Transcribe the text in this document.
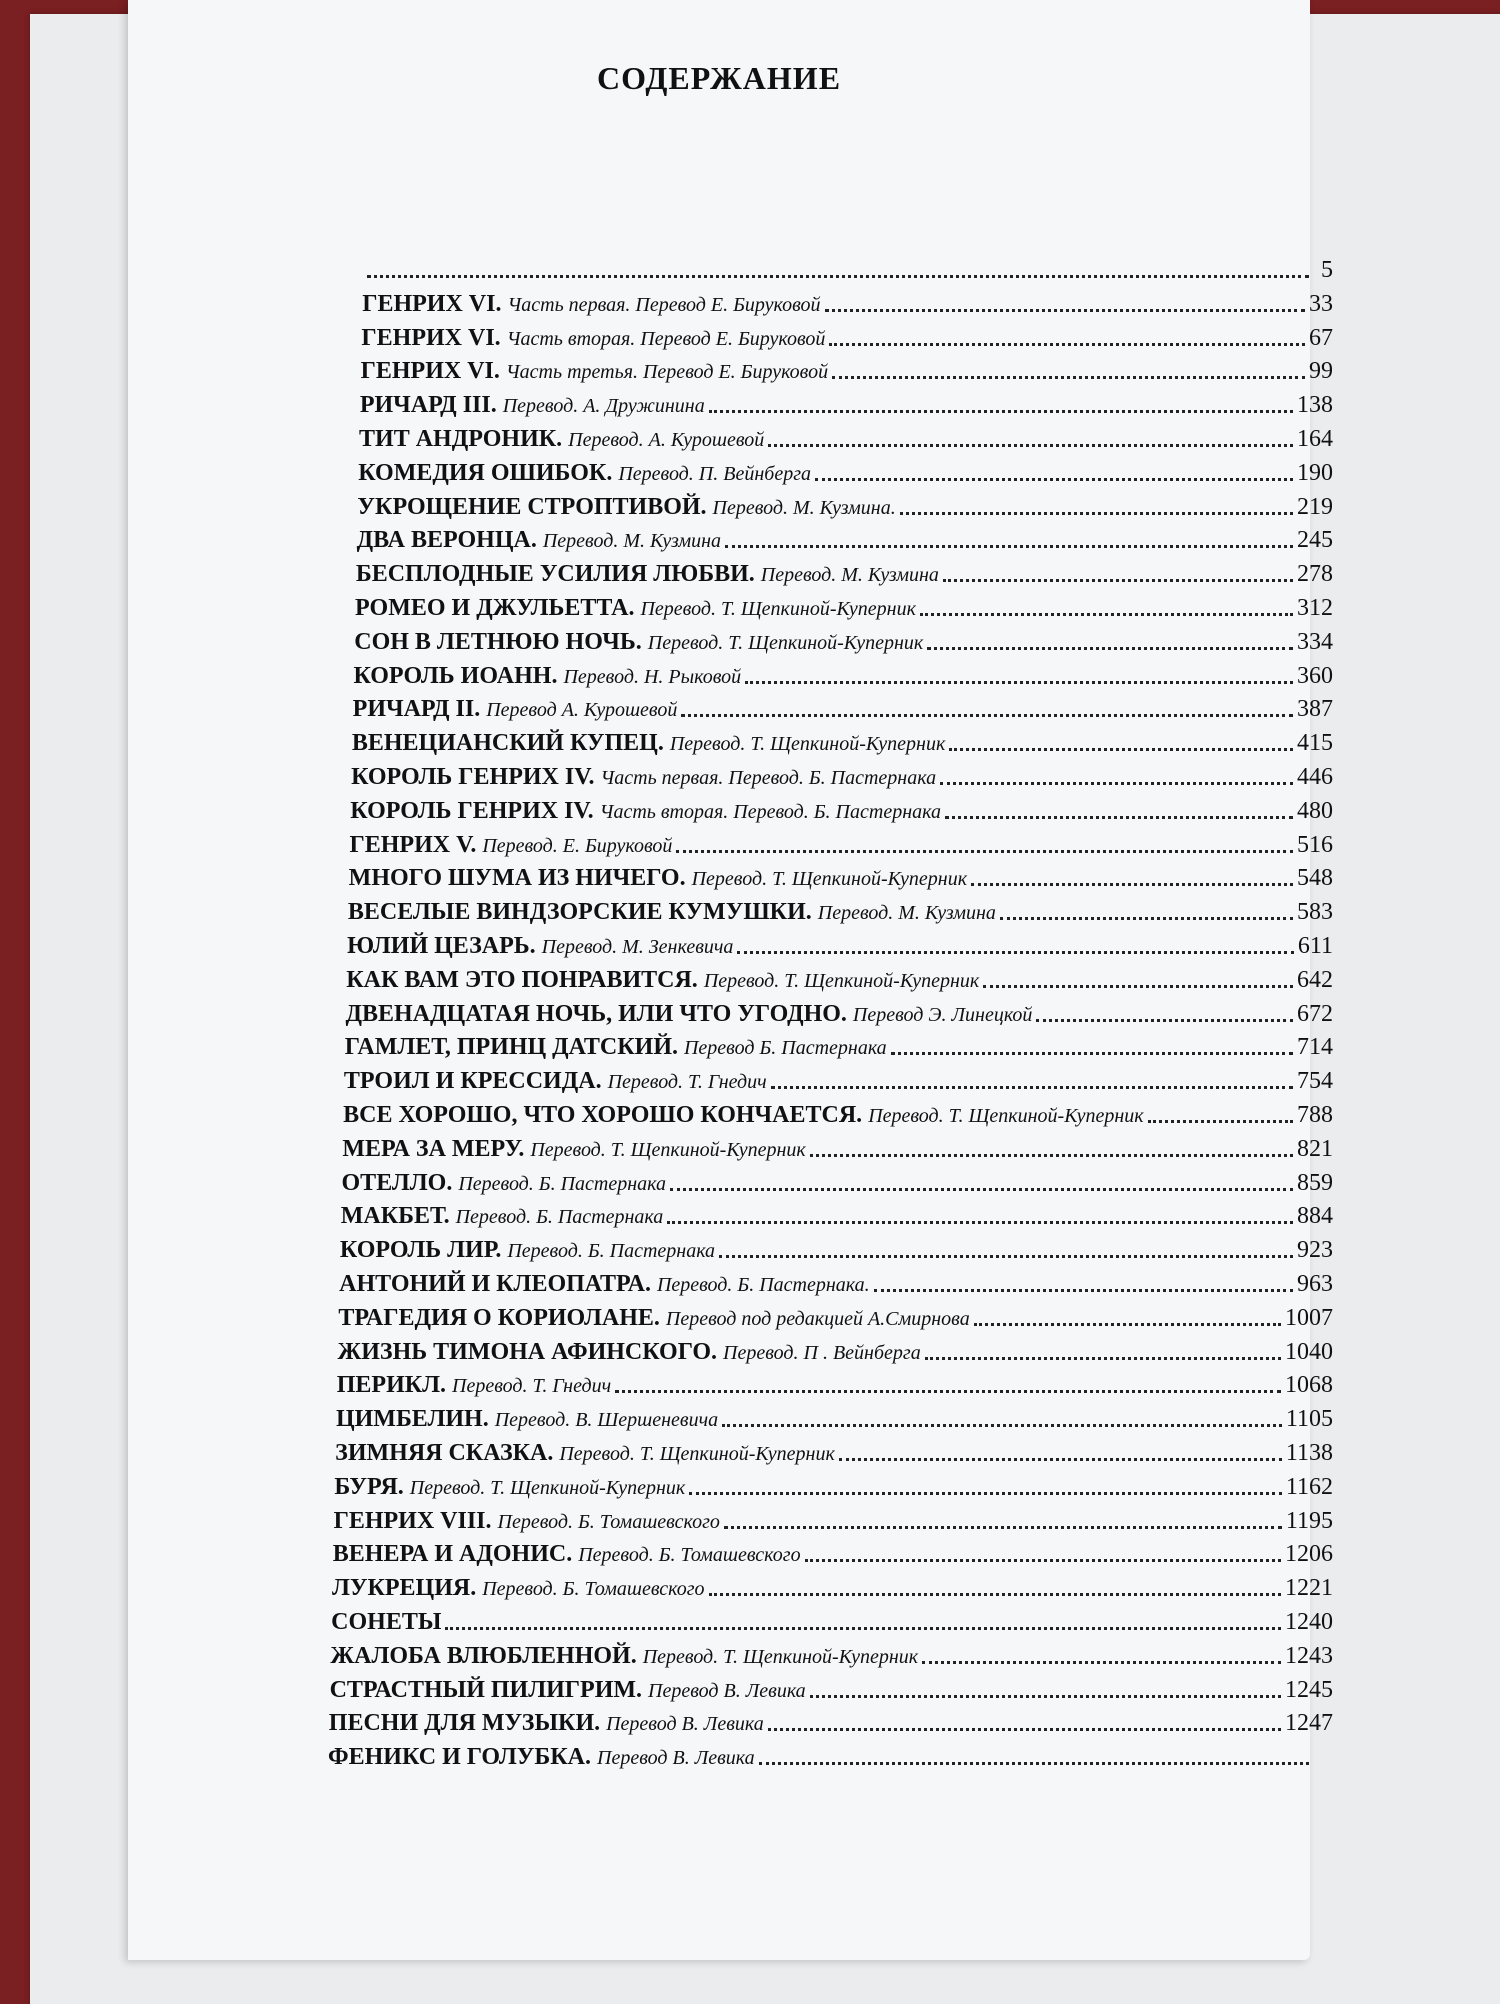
СОДЕРЖАНИЕ
5
ГЕНРИХ VI. Часть первая. Перевод Е. Бируковой	33
ГЕНРИХ VI. Часть вторая. Перевод Е. Бируковой	67
ГЕНРИХ VI. Часть третья. Перевод Е. Бируковой	99
РИЧАРД III. Перевод. А. Дружинина	138
ТИТ АНДРОНИК. Перевод. А. Курошевой	164
КОМЕДИЯ ОШИБОК. Перевод. П. Вейнберга	190
УКРОЩЕНИЕ СТРОПТИВОЙ. Перевод. М. Кузмина.	219
ДВА ВЕРОНЦА. Перевод. М. Кузмина	245
БЕСПЛОДНЫЕ УСИЛИЯ ЛЮБВИ. Перевод. М. Кузмина	278
РОМЕО И ДЖУЛЬЕТТА. Перевод. Т. Щепкиной-Куперник	312
СОН В ЛЕТНЮЮ НОЧЬ. Перевод. Т. Щепкиной-Куперник	334
КОРОЛЬ ИОАНН. Перевод. Н. Рыковой	360
РИЧАРД II. Перевод А. Курошевой	387
ВЕНЕЦИАНСКИЙ КУПЕЦ. Перевод. Т. Щепкиной-Куперник	415
КОРОЛЬ ГЕНРИХ IV. Часть первая. Перевод. Б. Пастернака	446
КОРОЛЬ ГЕНРИХ IV. Часть вторая. Перевод. Б. Пастернака	480
ГЕНРИХ V. Перевод. Е. Бируковой	516
МНОГО ШУМА ИЗ НИЧЕГО. Перевод. Т. Щепкиной-Куперник	548
ВЕСЕЛЫЕ ВИНДЗОРСКИЕ КУМУШКИ. Перевод. М. Кузмина	583
ЮЛИЙ ЦЕЗАРЬ. Перевод. М. Зенкевича	611
КАК ВАМ ЭТО ПОНРАВИТСЯ. Перевод. Т. Щепкиной-Куперник	642
ДВЕНАДЦАТАЯ НОЧЬ, ИЛИ ЧТО УГОДНО. Перевод Э. Линецкой	672
ГАМЛЕТ, ПРИНЦ ДАТСКИЙ. Перевод Б. Пастернака	714
ТРОИЛ И КРЕССИДА. Перевод. Т. Гнедич	754
ВСЕ ХОРОШО, ЧТО ХОРОШО КОНЧАЕТСЯ. Перевод. Т. Щепкиной-Куперник	788
МЕРА ЗА МЕРУ. Перевод. Т. Щепкиной-Куперник	821
ОТЕЛЛО. Перевод. Б. Пастернака	859
МАКБЕТ. Перевод. Б. Пастернака	884
КОРОЛЬ ЛИР. Перевод. Б. Пастернака	923
АНТОНИЙ И КЛЕОПАТРА. Перевод. Б. Пастернака.	963
ТРАГЕДИЯ О КОРИОЛАНЕ. Перевод под редакцией А.Смирнова	1007
ЖИЗНЬ ТИМОНА АФИНСКОГО. Перевод. П . Вейнберга	1040
ПЕРИКЛ. Перевод. Т. Гнедич	1068
ЦИМБЕЛИН. Перевод. В. Шершеневича	1105
ЗИМНЯЯ СКАЗКА. Перевод. Т. Щепкиной-Куперник	1138
БУРЯ. Перевод. Т. Щепкиной-Куперник	1162
ГЕНРИХ VIII. Перевод. Б. Томашевского	1195
ВЕНЕРА И АДОНИС. Перевод. Б. Томашевского	1206
ЛУКРЕЦИЯ. Перевод. Б. Томашевского	1221
СОНЕТЫ	1240
ЖАЛОБА ВЛЮБЛЕННОЙ. Перевод. Т. Щепкиной-Куперник	1243
СТРАСТНЫЙ ПИЛИГРИМ. Перевод В. Левика	1245
ПЕСНИ ДЛЯ МУЗЫКИ. Перевод В. Левика	1247
ФЕНИКС И ГОЛУБКА. Перевод В. Левика
